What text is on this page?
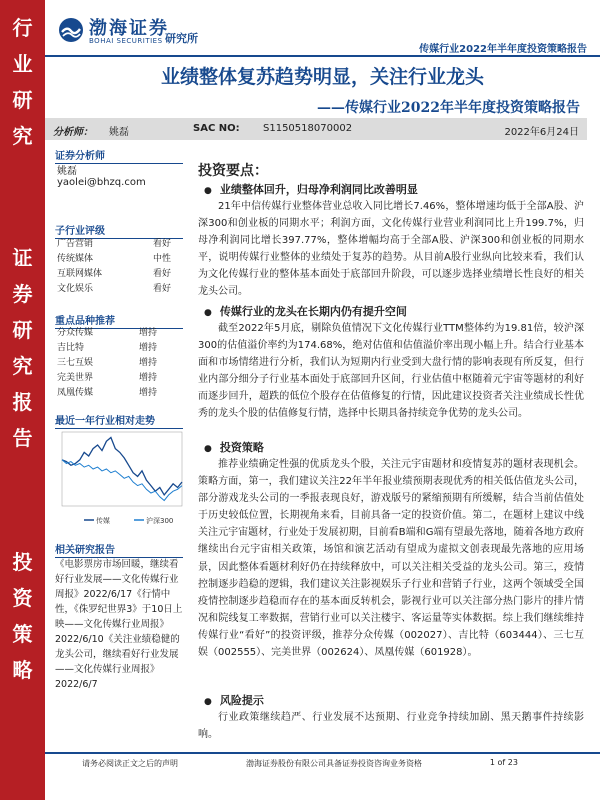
行
业
研
究
证
券
研
究
报
告
投
资
策
略
渤海证券
BOHAI SECURITIES 研究所
传媒行业2022年半年度投资策略报告
业绩整体复苏趋势明显，关注行业龙头
——传媒行业2022年半年度投资策略报告
分析师： 姚磊	SAC NO: S1150518070002	2022年6月24日
证券分析师
姚磊
yaolei@bhzq.com
子行业评级
广告营销	看好
传统媒体	中性
互联网媒体	看好
文化娱乐	看好
重点品种推荐
分众传媒	增持
吉比特	增持
三七互娱	增持
完美世界	增持
凤凰传媒	增持
最近一年行业相对走势
传媒	沪深300
相关研究报告
《电影票房市场回暖，继续看好行业发展——文化传媒行业周报》2022/6/17《行情中性，《侏罗纪世界3》于10日上映——文化传媒行业周报》2022/6/10《关注业绩稳健的龙头公司，继续看好行业发展——文化传媒行业周报》2022/6/7
投资要点：
● 业绩整体回升，归母净利润同比改善明显

21年中信传媒行业整体营业总收入同比增长7.46%，整体增速均低于全部A股、沪深300和创业板的同期水平；利润方面，文化传媒行业营业利润同比上升199.7%，归母净利润同比增长397.77%，整体增幅均高于全部A股、沪深300和创业板的同期水平，说明传媒行业整体的业绩处于复苏的趋势。从目前A股行业纵向比较来看，我们认为文化传媒行业的整体基本面处于底部回升阶段，可以逐步选择业绩增长性良好的相关龙头公司。

● 传媒行业的龙头在长期内仍有提升空间

截至2022年5月底，剔除负值情况下文化传媒行业TTM整体约为19.81倍，较沪深300的估值溢价率约为174.68%，绝对估值和估值溢价率出现小幅上升。结合行业基本面和市场情绪进行分析，我们认为短期内行业受到大盘行情的影响表现有所反复，但行业内部分细分子行业基本面处于底部回升区间，行业估值中枢随着元宇宙等题材的利好而逐步回升，超跌的低位个股存在估值修复的行情，因此建议投资者关注业绩成长性优秀的龙头个股的估值修复行情，选择中长期具备持续竞争优势的龙头公司。

● 投资策略

推荐业绩确定性强的优质龙头个股，关注元宇宙题材和疫情复苏的题材表现机会。策略方面，第一，我们建议关注22年半年报业绩预期表现优秀的相关低估值龙头公司，部分游戏龙头公司的一季报表现良好，游戏版号的紧缩预期有所缓解，结合当前估值处于历史较低位置，长期视角来看，目前具备一定的投资价值。第二，在题材上建议中线关注元宇宙题材，行业处于发展初期，目前看B端和G端有望最先落地，随着各地方政府继续出台元宇宙相关政策，场馆和演艺活动有望成为虚拟文创表现最先落地的应用场景，因此整体看题材利好仍在持续释放中，可以关注相关受益的龙头公司。第三，疫情控制逐步趋稳的逻辑，我们建议关注影视娱乐子行业和营销子行业，这两个领域受全国疫情控制逐步趋稳而存在的基本面反转机会，影视行业可以关注部分热门影片的排片情况和院线复工率数据，营销行业可以关注楼宇、客运量等实体数据。综上我们继续维持传媒行业“看好”的投资评级，推荐分众传媒（002027）、吉比特（603444）、三七互娱（002555）、完美世界（002624）、凤凰传媒（601928）。

● 风险提示

行业政策继续趋严、行业发展不达预期、行业竞争持续加剧、黑天鹅事件持续影响。

请务必阅读正文之后的声明	渤海证券股份有限公司具备证券投资咨询业务资格	1 of 23
